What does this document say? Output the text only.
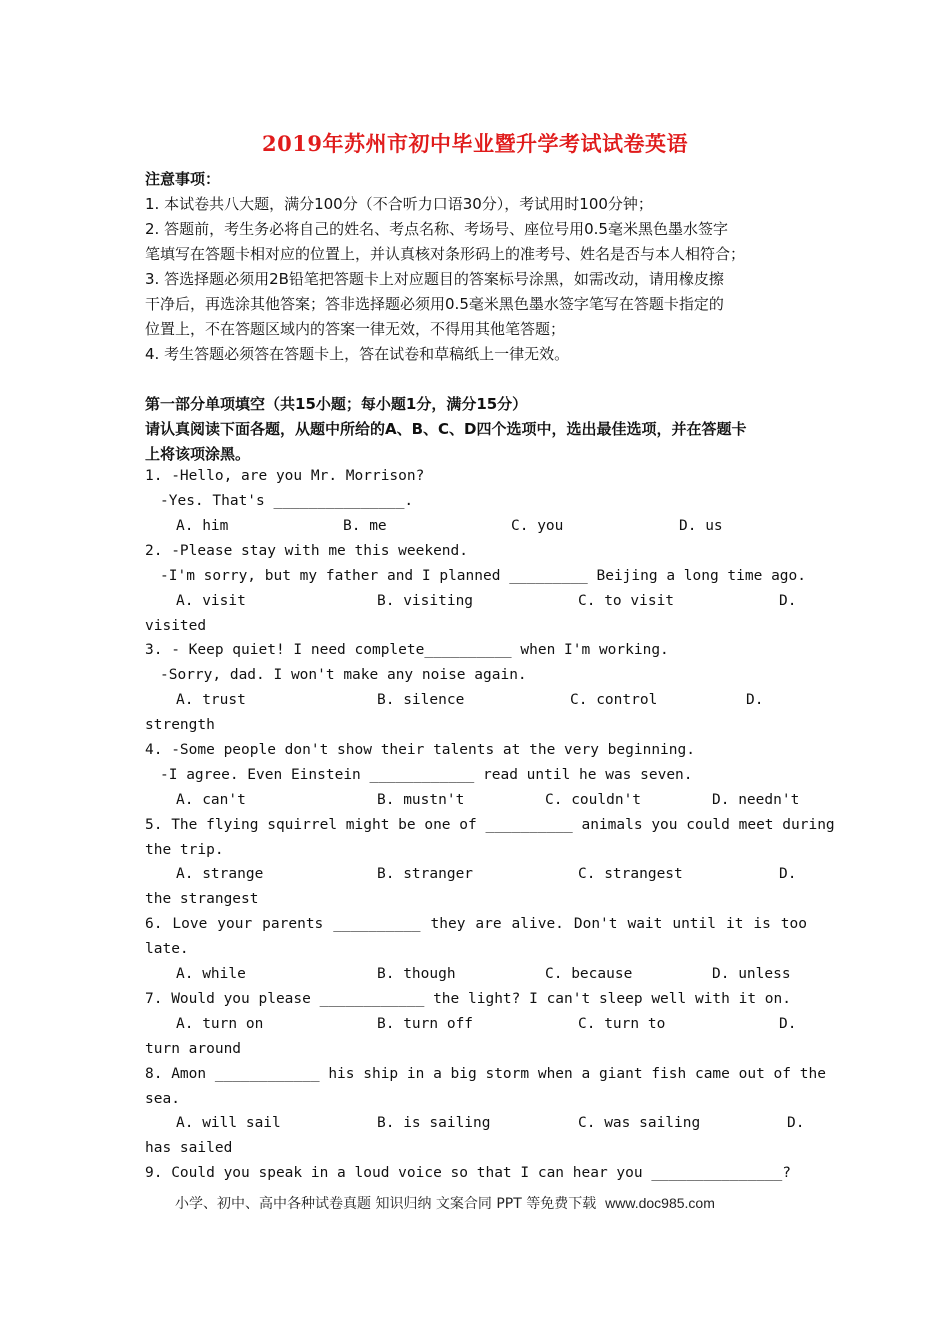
2019年苏州市初中毕业暨升学考试试卷英语
注意事项：
1. 本试卷共八大题，满分100分（不合听力口语30分），考试用时100分钟；
2. 答题前，考生务必将自己的姓名、考点名称、考场号、座位号用0.5毫米黑色墨水签字
笔填写在答题卡相对应的位置上，并认真核对条形码上的准考号、姓名是否与本人相符合；
3. 答选择题必须用2B铅笔把答题卡上对应题目的答案标号涂黑，如需改动，请用橡皮擦
干净后，再选涂其他答案；答非选择题必须用0.5毫米黑色墨水签字笔写在答题卡指定的
位置上，不在答题区域内的答案一律无效，不得用其他笔答题；
4. 考生答题必须答在答题卡上，答在试卷和草稿纸上一律无效。
第一部分单项填空（共15小题；每小题1分，满分15分）
请认真阅读下面各题，从题中所给的A、B、C、D四个选项中，选出最佳选项，并在答题卡
上将该项涂黑。
1. -Hello, are you Mr. Morrison?
-Yes. That's _______________.
A. him	B. me	C. you	D. us
2. -Please stay with me this weekend.
-I'm sorry, but my father and I planned _________ Beijing a long time ago.
A. visit	B. visiting	C. to visit	D.
visited
3. - Keep quiet! I need complete__________ when I'm working.
-Sorry, dad. I won't make any noise again.
A. trust	B. silence	C. control	D.
strength
4. -Some people don't show their talents at the very beginning.
-I agree. Even Einstein ____________ read until he was seven.
A. can't	B. mustn't	C. couldn't	D. needn't
5. The flying squirrel might be one of __________ animals you could meet during
the trip.
A. strange	B. stranger	C. strangest	D.
the strangest
6. Love your parents __________ they are alive. Don't wait until it is too
late.
A. while	B. though	C. because	D. unless
7. Would you please ____________ the light? I can't sleep well with it on.
A. turn on	B. turn off	C. turn to	D.
turn around
8. Amon ____________ his ship in a big storm when a giant fish came out of the
sea.
A. will sail	B. is sailing	C. was sailing	D.
has sailed
9. Could you speak in a loud voice so that I can hear you _______________?
小学、初中、高中各种试卷真题 知识归纳 文案合同 PPT 等免费下载 www.doc985.com
